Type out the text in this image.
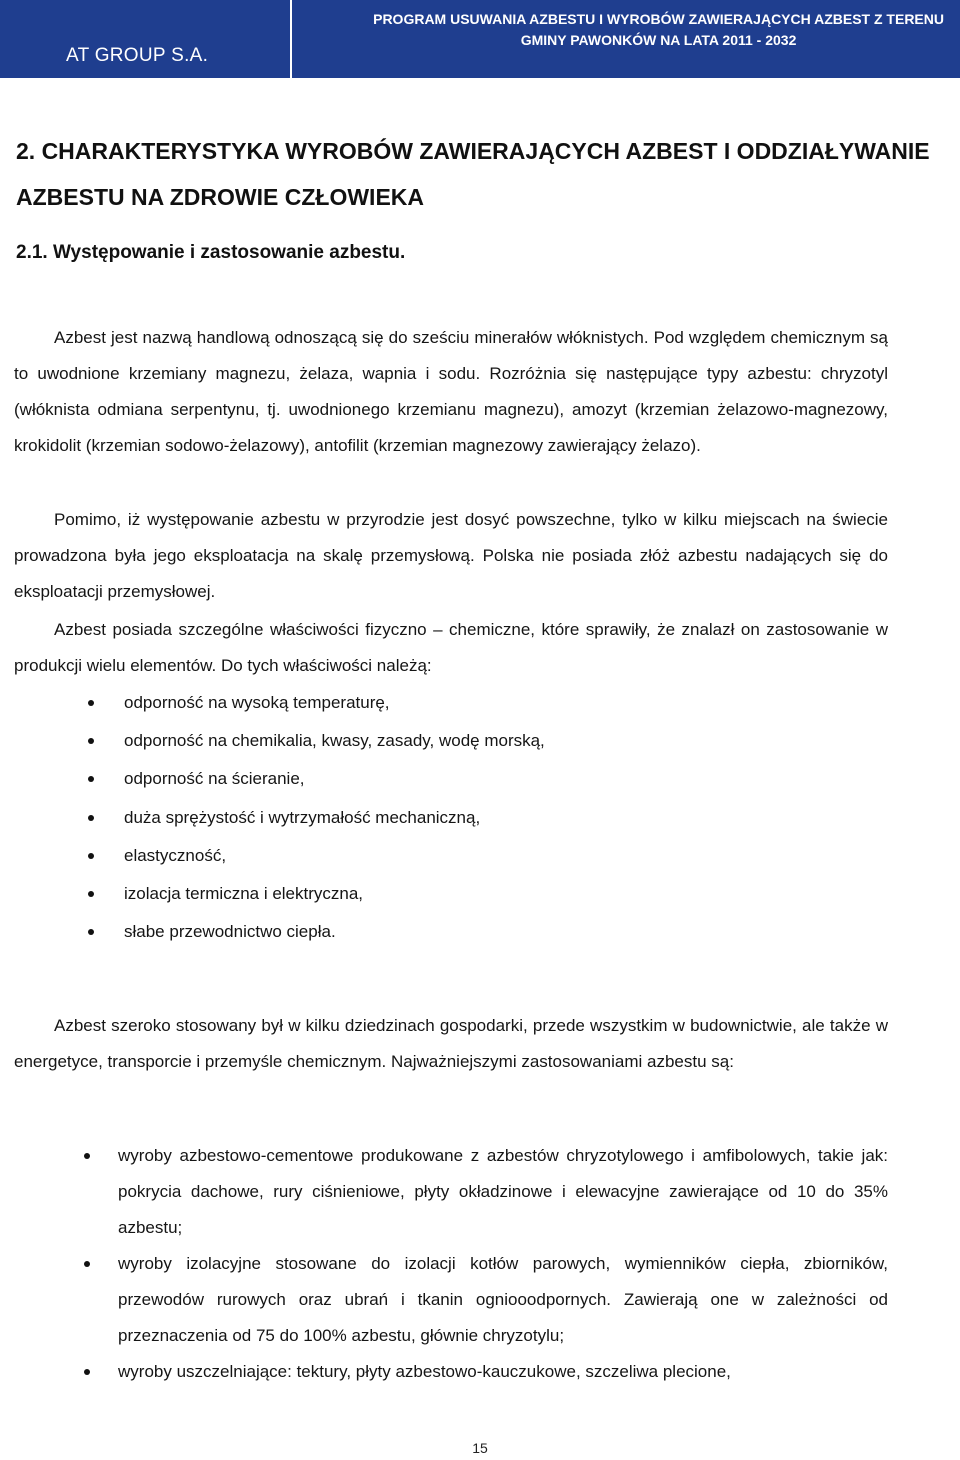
AT GROUP S.A.
PROGRAM USUWANIA AZBESTU I WYROBÓW ZAWIERAJĄCYCH AZBEST Z TERENU
GMINY PAWONKÓW NA LATA 2011 - 2032
2. CHARAKTERYSTYKA WYROBÓW ZAWIERAJĄCYCH AZBEST I ODDZIAŁYWANIE AZBESTU NA ZDROWIE CZŁOWIEKA
2.1. Występowanie i zastosowanie azbestu.
Azbest jest nazwą handlową odnoszącą się do sześciu minerałów włóknistych. Pod względem chemicznym są to uwodnione krzemiany magnezu, żelaza, wapnia i sodu. Rozróżnia się następujące typy azbestu: chryzotyl (włóknista odmiana serpentynu, tj. uwodnionego krzemianu magnezu), amozyt (krzemian żelazowo-magnezowy, krokidolit (krzemian sodowo-żelazowy), antofilit (krzemian magnezowy zawierający żelazo).
Pomimo, iż występowanie azbestu w przyrodzie jest dosyć powszechne, tylko w kilku miejscach na świecie prowadzona była jego eksploatacja na skalę przemysłową. Polska nie posiada złóż azbestu nadających się do eksploatacji przemysłowej.
Azbest posiada szczególne właściwości fizyczno – chemiczne, które sprawiły, że znalazł on zastosowanie w produkcji wielu elementów. Do tych właściwości należą:
odporność na wysoką temperaturę,
odporność na chemikalia, kwasy, zasady, wodę morską,
odporność na ścieranie,
duża sprężystość i wytrzymałość mechaniczną,
elastyczność,
izolacja termiczna i elektryczna,
słabe przewodnictwo ciepła.
Azbest szeroko stosowany był w kilku dziedzinach gospodarki, przede wszystkim w budownictwie, ale także w energetyce, transporcie i przemyśle chemicznym. Najważniejszymi zastosowaniami azbestu są:
wyroby azbestowo-cementowe produkowane z azbestów chryzotylowego i amfibolowych, takie jak: pokrycia dachowe, rury ciśnieniowe, płyty okładzinowe i elewacyjne zawierające od 10 do 35% azbestu;
wyroby izolacyjne stosowane do izolacji kotłów parowych, wymienników ciepła, zbiorników, przewodów rurowych oraz ubrań i tkanin ogniooodpornych. Zawierają one w zależności od przeznaczenia od 75 do 100% azbestu, głównie chryzotylu;
wyroby uszczelniające: tektury, płyty azbestowo-kauczukowe, szczeliwa plecione,
15
